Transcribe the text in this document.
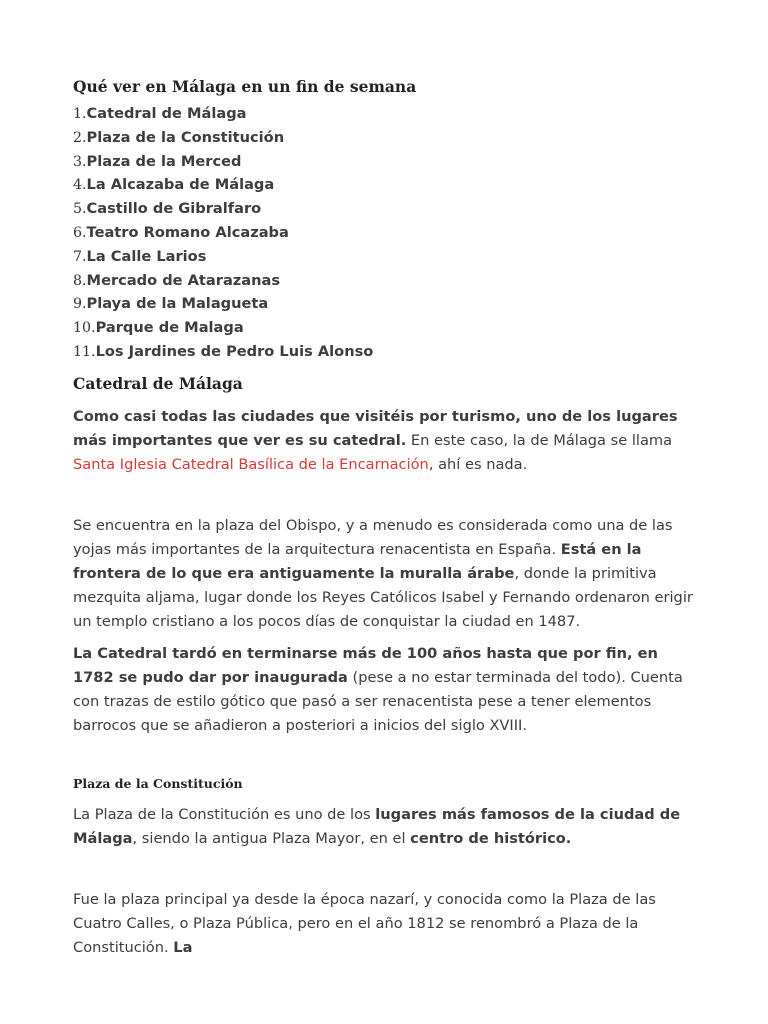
Qué ver en Málaga en un fin de semana
1.Catedral de Málaga
2.Plaza de la Constitución
3.Plaza de la Merced
4.La Alcazaba de Málaga
5.Castillo de Gibralfaro
6.Teatro Romano Alcazaba
7.La Calle Larios
8.Mercado de Atarazanas
9.Playa de la Malagueta
10.Parque de Malaga
11.Los Jardines de Pedro Luis Alonso
Catedral de Málaga

Como casi todas las ciudades que visitéis por turismo, uno de los lugares más importantes que ver es su catedral. En este caso, la de Málaga se llama Santa Iglesia Catedral Basílica de la Encarnación, ahí es nada.

Se encuentra en la plaza del Obispo, y a menudo es considerada como una de las yojas más importantes de la arquitectura renacentista en España. Está en la frontera de lo que era antiguamente la muralla árabe, donde la primitiva mezquita aljama, lugar donde los Reyes Católicos Isabel y Fernando ordenaron erigir un templo cristiano a los pocos días de conquistar la ciudad en 1487.

La Catedral tardó en terminarse más de 100 años hasta que por fin, en 1782 se pudo dar por inaugurada (pese a no estar terminada del todo). Cuenta con trazas de estilo gótico que pasó a ser renacentista pese a tener elementos barrocos que se añadieron a posteriori a inicios del siglo XVIII.

Plaza de la Constitución

La Plaza de la Constitución es uno de los lugares más famosos de la ciudad de Málaga, siendo la antigua Plaza Mayor, en el centro de histórico.

Fue la plaza principal ya desde la época nazarí, y conocida como la Plaza de las Cuatro Calles, o Plaza Pública, pero en el año 1812 se renombró a Plaza de la Constitución. La
